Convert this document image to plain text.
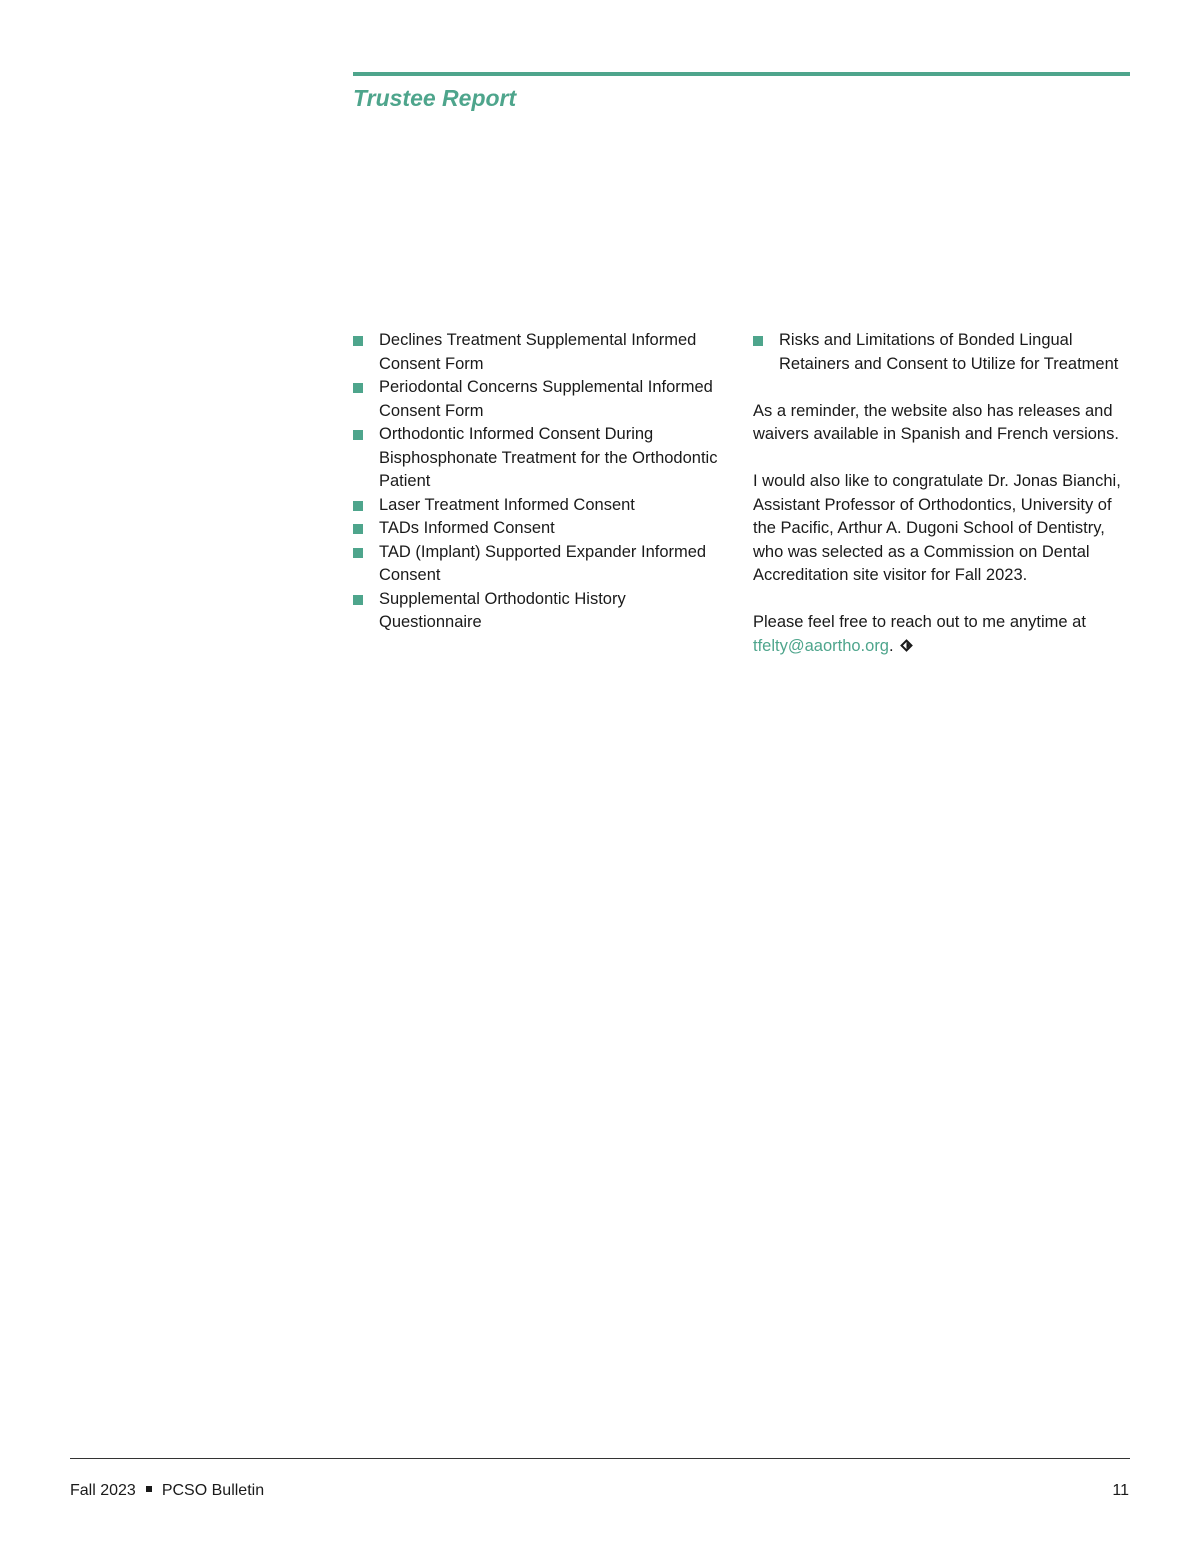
Trustee Report
Declines Treatment Supplemental Informed Consent Form
Periodontal Concerns Supplemental Informed Consent Form
Orthodontic Informed Consent During Bisphosphonate Treatment for the Orthodontic Patient
Laser Treatment Informed Consent
TADs Informed Consent
TAD (Implant) Supported Expander Informed Consent
Supplemental Orthodontic History Questionnaire
Risks and Limitations of Bonded Lingual Retainers and Consent to Utilize for Treatment

As a reminder, the website also has releases and waivers available in Spanish and French versions.

I would also like to congratulate Dr. Jonas Bianchi, Assistant Professor of Orthodontics, University of the Pacific, Arthur A. Dugoni School of Dentistry, who was selected as a Commission on Dental Accreditation site visitor for Fall 2023.

Please feel free to reach out to me anytime at tfelty@aaortho.org.

Fall 2023 PCSO Bulletin	11
